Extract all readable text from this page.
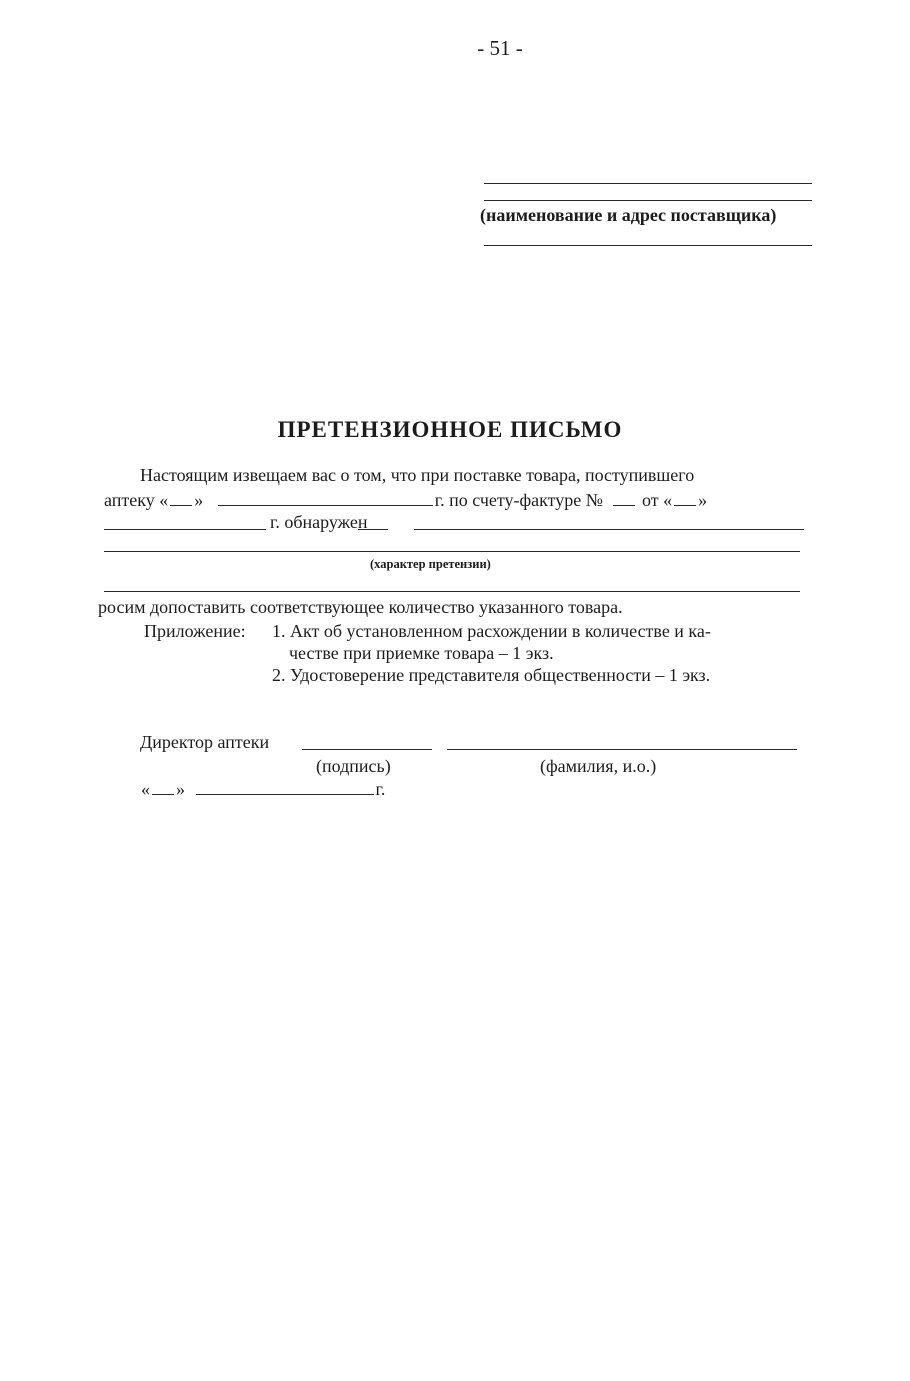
- 51 -
(наименование и адрес поставщика)
ПРЕТЕНЗИОННОЕ ПИСЬМО
Настоящим извещаем вас о том, что при поставке товара, поступившего
аптеку « »	г. по счету-фактуре № от « »
г. обнаружен
(характер претензии)
росим допоставить соответствующее количество указанного товара.
Приложение: 1. Акт об установленном расхождении в количестве и ка-
честве при приемке товара – 1 экз.
2. Удостоверение представителя общественности – 1 экз.
Директор аптеки
(подпись)	(фамилия, и.о.)
« »	г.
